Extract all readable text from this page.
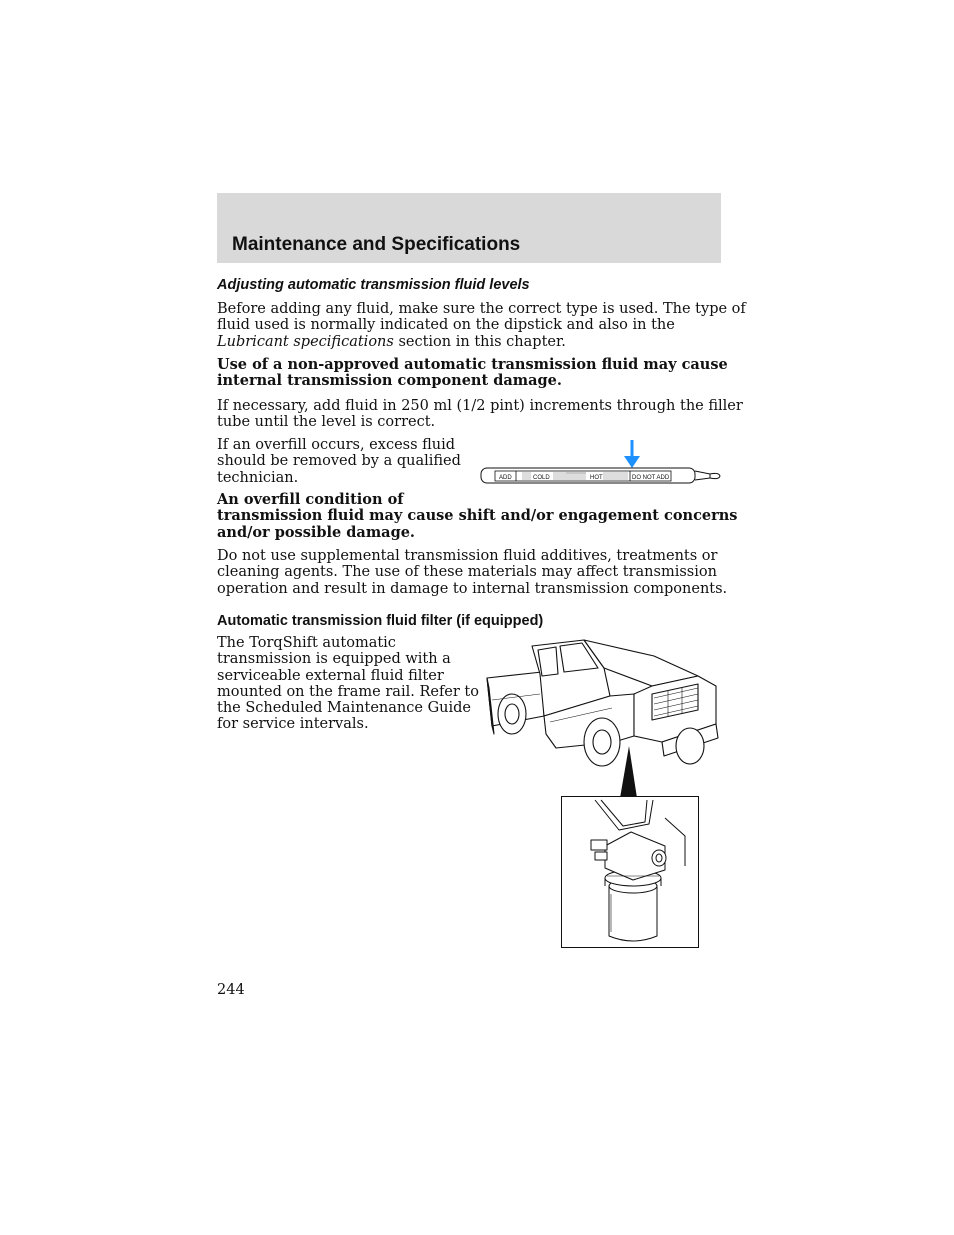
Maintenance and Specifications
Adjusting automatic transmission fluid levels

Before adding any fluid, make sure the correct type is used. The type of
fluid used is normally indicated on the dipstick and also in the
Lubricant specifications section in this chapter.

Use of a non-approved automatic transmission fluid may cause
internal transmission component damage.

If necessary, add fluid in 250 ml (1/2 pint) increments through the filler
tube until the level is correct.

If an overfill occurs, excess fluid
should be removed by a qualified
technician.	ADD	COLD	HOT	DO NOT ADD

An overfill condition of
transmission fluid may cause shift and/or engagement concerns
and/or possible damage.

Do not use supplemental transmission fluid additives, treatments or
cleaning agents. The use of these materials may affect transmission
operation and result in damage to internal transmission components.

Automatic transmission fluid filter (if equipped)

The TorqShift automatic
transmission is equipped with a
serviceable external fluid filter
mounted on the frame rail. Refer to
the Scheduled Maintenance Guide
for service intervals.

244
